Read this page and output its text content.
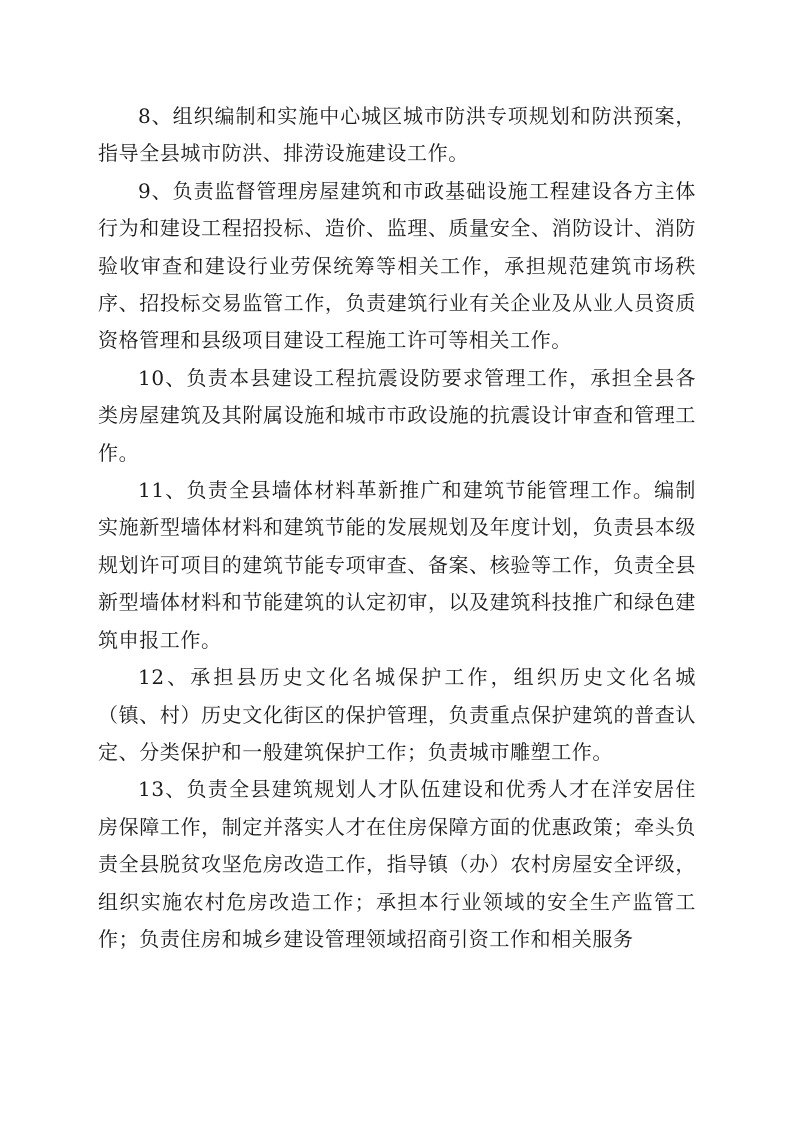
8、组织编制和实施中心城区城市防洪专项规划和防洪预案，指导全县城市防洪、排涝设施建设工作。

9、负责监督管理房屋建筑和市政基础设施工程建设各方主体行为和建设工程招投标、造价、监理、质量安全、消防设计、消防验收审查和建设行业劳保统筹等相关工作，承担规范建筑市场秩序、招投标交易监管工作，负责建筑行业有关企业及从业人员资质资格管理和县级项目建设工程施工许可等相关工作。

10、负责本县建设工程抗震设防要求管理工作，承担全县各类房屋建筑及其附属设施和城市市政设施的抗震设计审查和管理工作。

11、负责全县墙体材料革新推广和建筑节能管理工作。编制实施新型墙体材料和建筑节能的发展规划及年度计划，负责县本级规划许可项目的建筑节能专项审查、备案、核验等工作，负责全县新型墙体材料和节能建筑的认定初审，以及建筑科技推广和绿色建筑申报工作。

12、承担县历史文化名城保护工作，组织历史文化名城（镇、村）历史文化街区的保护管理，负责重点保护建筑的普查认定、分类保护和一般建筑保护工作；负责城市雕塑工作。

13、负责全县建筑规划人才队伍建设和优秀人才在洋安居住房保障工作，制定并落实人才在住房保障方面的优惠政策；牵头负责全县脱贫攻坚危房改造工作，指导镇（办）农村房屋安全评级，组织实施农村危房改造工作；承担本行业领域的安全生产监管工作；负责住房和城乡建设管理领域招商引资工作和相关服务
